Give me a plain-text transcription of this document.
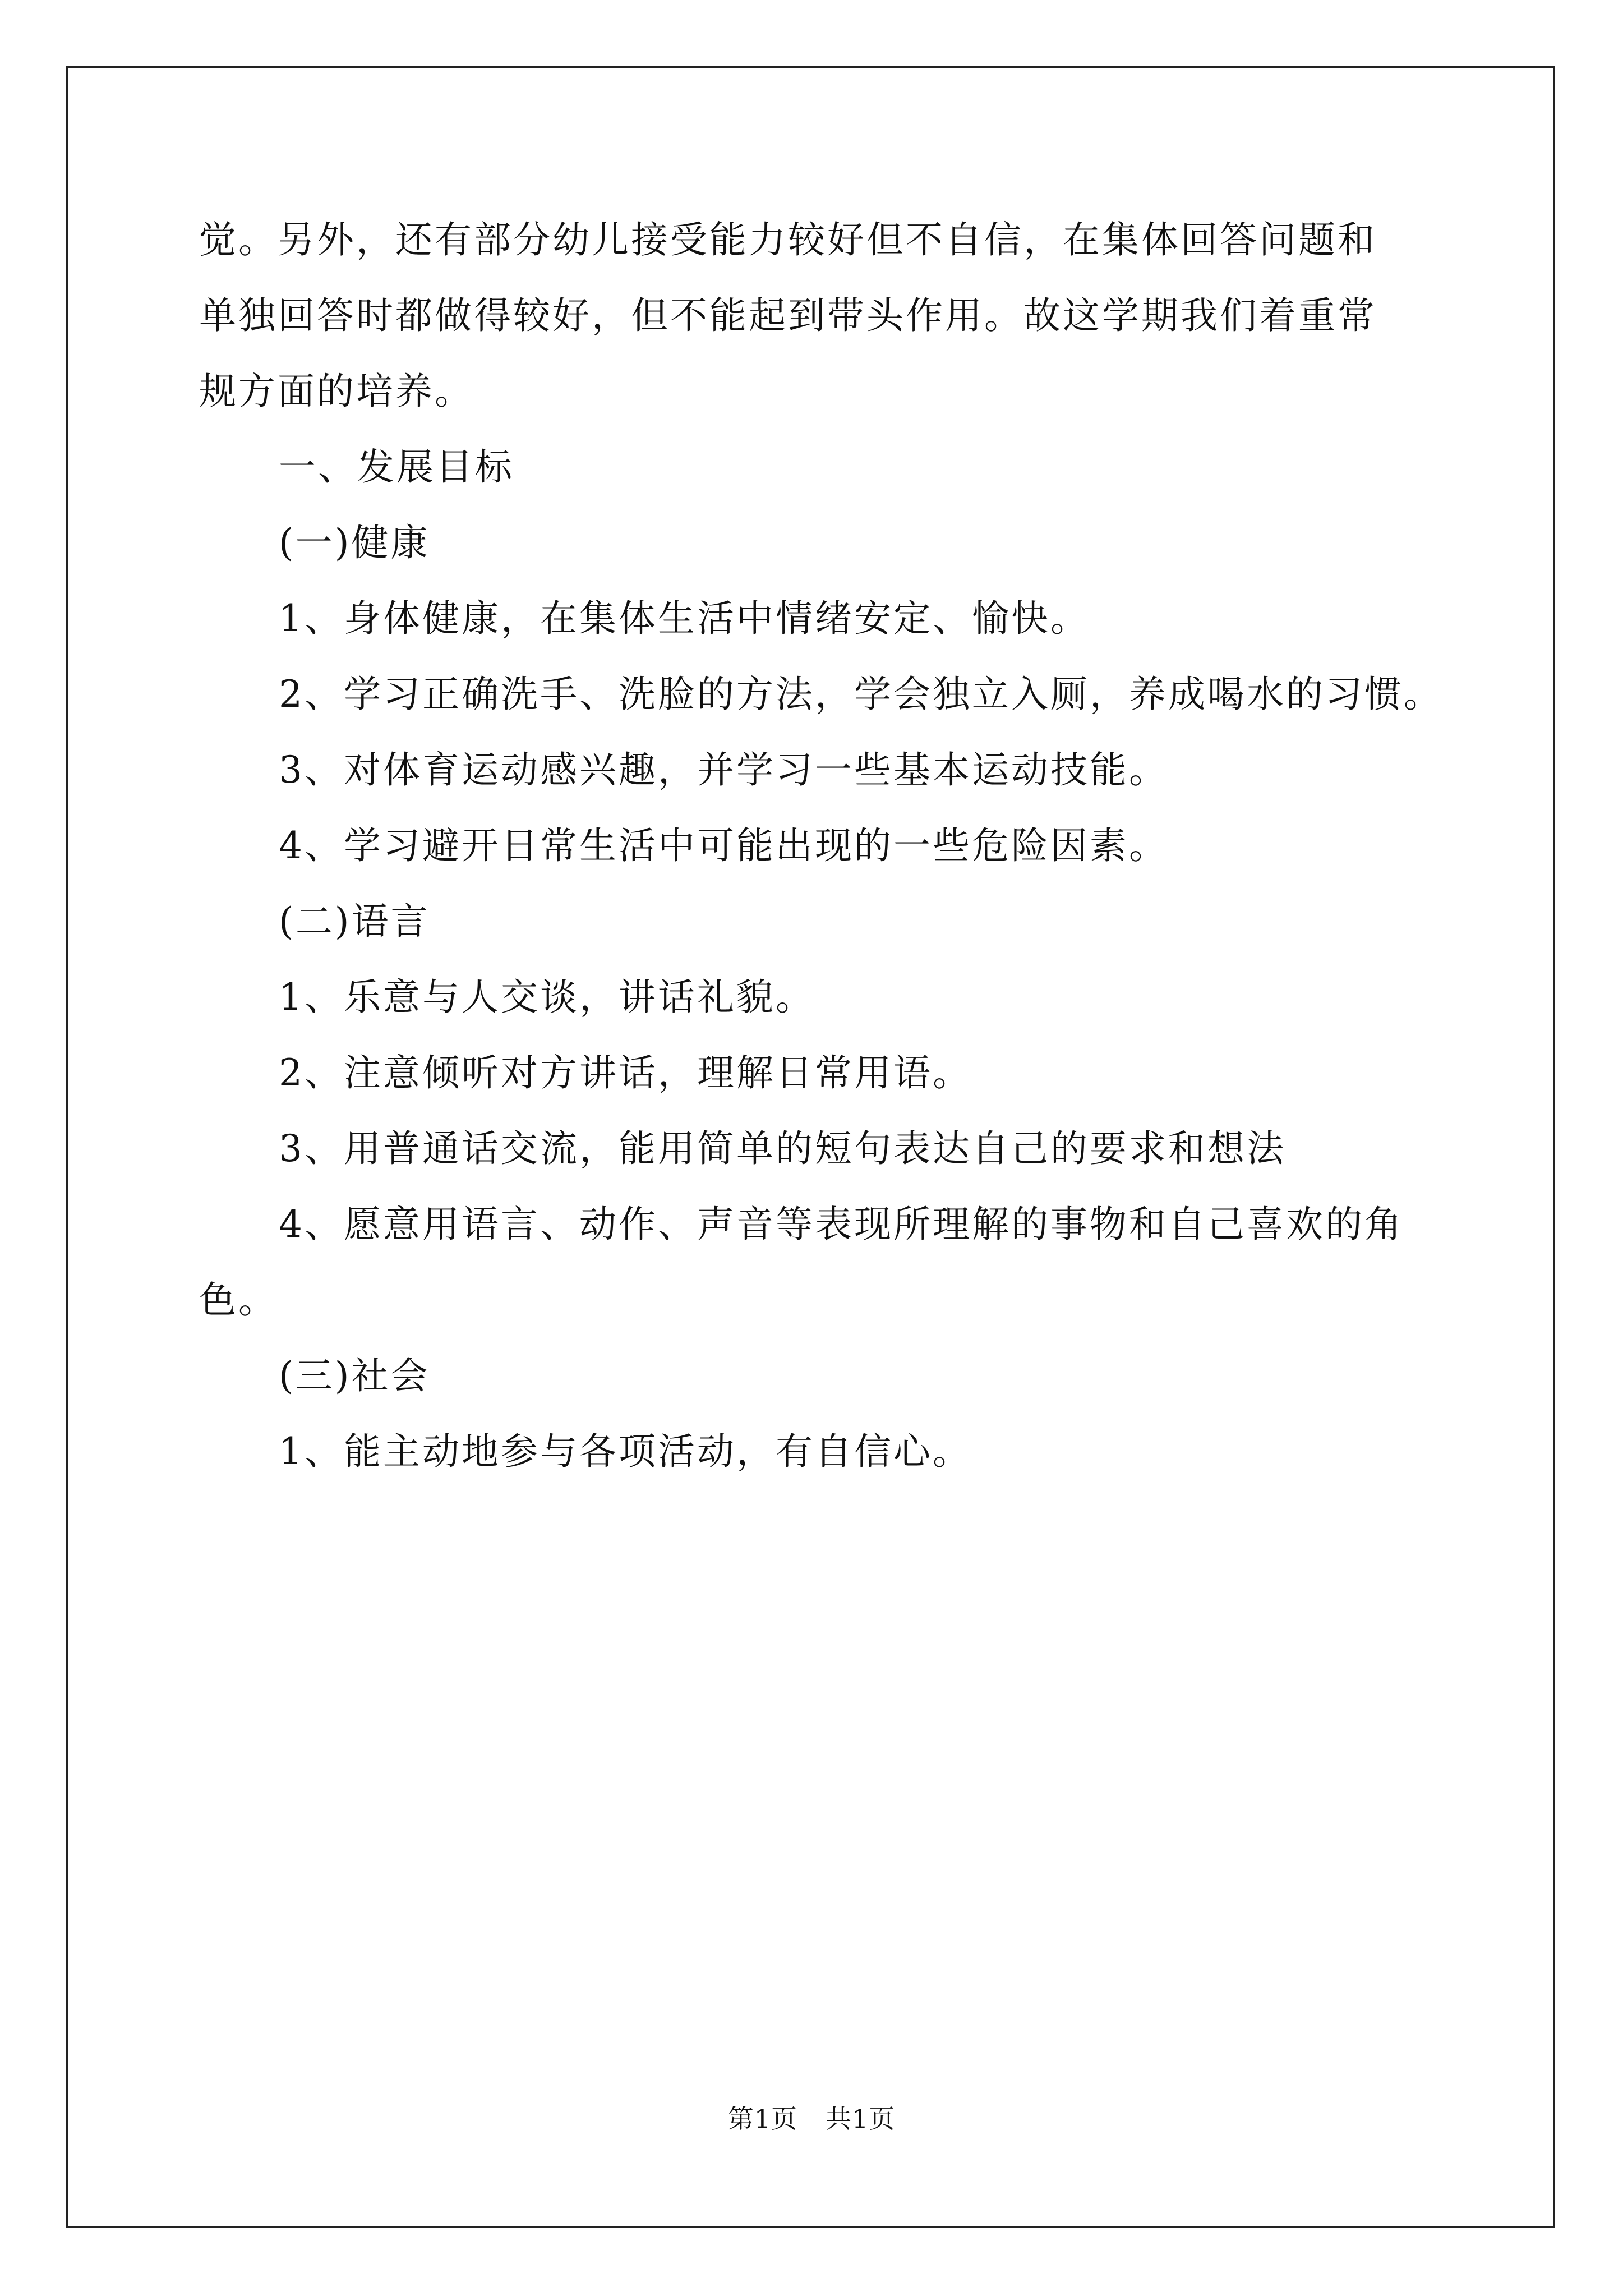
觉。另外，还有部分幼儿接受能力较好但不自信，在集体回答问题和
单独回答时都做得较好，但不能起到带头作用。故这学期我们着重常
规方面的培养。
一、发展目标
(一)健康
1、身体健康，在集体生活中情绪安定、愉快。
2、学习正确洗手、洗脸的方法，学会独立入厕，养成喝水的习惯。
3、对体育运动感兴趣，并学习一些基本运动技能。
4、学习避开日常生活中可能出现的一些危险因素。
(二)语言
1、乐意与人交谈，讲话礼貌。
2、注意倾听对方讲话，理解日常用语。
3、用普通话交流，能用简单的短句表达自己的要求和想法
4、愿意用语言、动作、声音等表现所理解的事物和自己喜欢的角
色。
(三)社会
1、能主动地参与各项活动，有自信心。
第1页 共1页
